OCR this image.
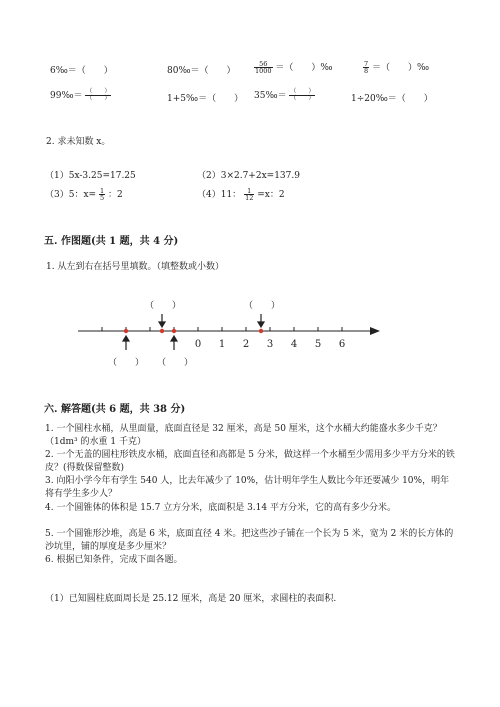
6‰＝（　　）	80‰＝（　　）	$\frac{56}{1000}$ ＝（　　）‰	$\frac{7}{8}$ ＝（　　）‰
99‰＝ $\frac{( )}{( )}$	1+5‰＝（　　） 35‰＝ $\frac{( )}{( )}$	1÷20‰＝（　　）
2. 求未知数 x。
（1）5x-3.25=17.25	（2）3×2.7+2x=137.9
（3）5：$x= \frac{1}{5}$ ：2	（4）11： $\frac{1}{12} =x$：2
五. 作图题(共 1 题，共 4 分)
1. 从左到右在括号里填数。（填整数或小数）
0 1 2 3 4 5 6
（　　）	（　　）
（　　） （　　）
六. 解答题(共 6 题，共 38 分)
1. 一个圆柱水桶，从里面量，底面直径是 32 厘米，高是 50 厘米，这个水桶大约能盛水多少千克？（1dm³ 的水重 1 千克）
2. 一个无盖的圆柱形铁皮水桶，底面直径和高都是 5 分米，做这样一个水桶至少需用多少平方分米的铁皮？(得数保留整数)
3. 向阳小学今年有学生 540 人，比去年减少了 10%，估计明年学生人数比今年还要减少 10%，明年将有学生多少人？
4. 一个圆锥体的体积是 15.7 立方分米，底面积是 3.14 平方分米，它的高有多少分米。
5. 一个圆锥形沙堆，高是 6 米，底面直径 4 米。把这些沙子铺在一个长为 5 米，宽为 2 米的长方体的沙坑里，铺的厚度是多少厘米？
6. 根据已知条件，完成下面各题。
（1）已知圆柱底面周长是 25.12 厘米，高是 20 厘米，求圆柱的表面积.
